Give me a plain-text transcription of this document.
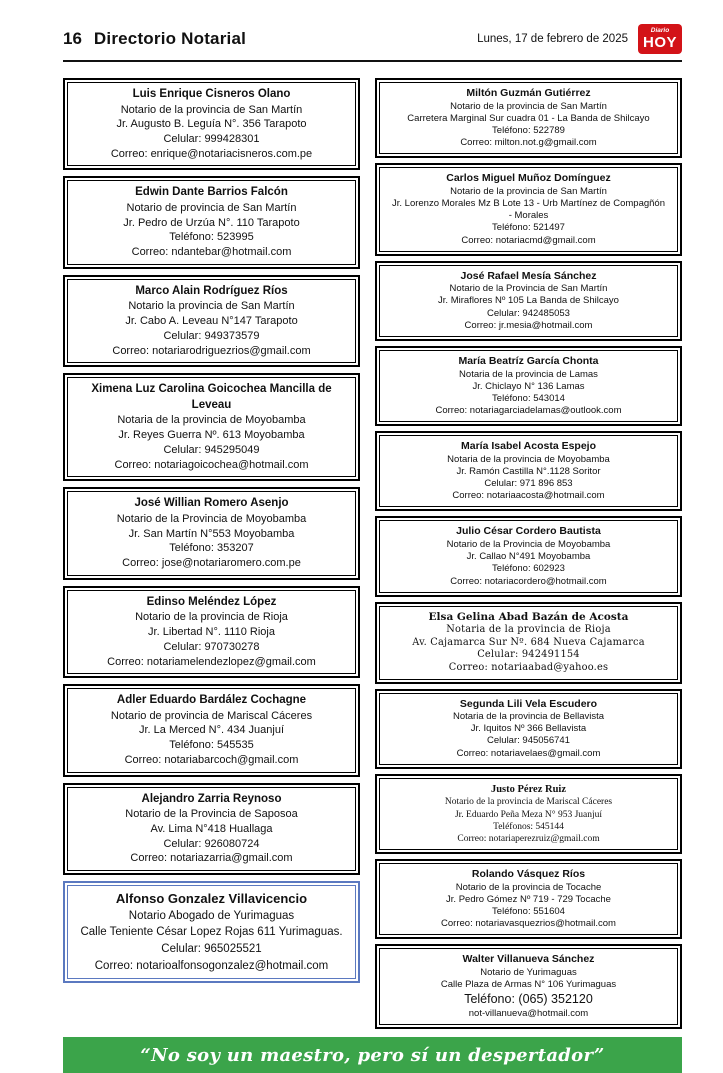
16 Directorio Notarial	Lunes, 17 de febrero de 2025
Diario
HOY
Luis Enrique Cisneros Olano
Notario de la provincia de San Martín
Jr. Augusto B. Leguía N°. 356 Tarapoto
Celular: 999428301
Correo: enrique@notariacisneros.com.pe
Edwin Dante Barrios Falcón
Notario de provincia de San Martín
Jr. Pedro de Urzúa N°. 110 Tarapoto
Teléfono: 523995
Correo: ndantebar@hotmail.com
Marco Alain Rodríguez Ríos
Notario la provincia de San Martín
Jr. Cabo A. Leveau N°147 Tarapoto
Celular: 949373579
Correo: notariarodriguezrios@gmail.com
Ximena Luz Carolina Goicochea Mancilla de Leveau
Notaria de la provincia de Moyobamba
Jr. Reyes Guerra Nº. 613 Moyobamba
Celular: 945295049
Correo: notariagoicochea@hotmail.com
José Willian Romero Asenjo
Notario de la Provincia de Moyobamba
Jr. San Martín N°553 Moyobamba
Teléfono: 353207
Correo: jose@notariaromero.com.pe
Edinso Meléndez López
Notario de la provincia de Rioja
Jr. Libertad N°. 1110 Rioja
Celular: 970730278
Correo: notariamelendezlopez@gmail.com
Adler Eduardo Bardález Cochagne
Notario de provincia de Mariscal Cáceres
Jr. La Merced N°. 434 Juanjuí
Teléfono: 545535
Correo: notariabarcoch@gmail.com
Alejandro Zarria Reynoso
Notario de la Provincia de Saposoa
Av. Lima N°418 Huallaga
Celular: 926080724
Correo: notariazarria@gmail.com
Alfonso Gonzalez Villavicencio
Notario Abogado de Yurimaguas
Calle Teniente César Lopez Rojas 611 Yurimaguas.
Celular: 965025521
Correo: notarioalfonsogonzalez@hotmail.com
Miltón Guzmán Gutiérrez
Notario de la provincia de San Martín
Carretera Marginal Sur cuadra 01 - La Banda de Shilcayo
Teléfono: 522789
Correo: milton.not.g@gmail.com
Carlos Miguel Muñoz Domínguez
Notario de la provincia de San Martín
Jr. Lorenzo Morales Mz B Lote 13 - Urb Martínez de Compagñón
- Morales
Teléfono: 521497
Correo: notariacmd@gmail.com
José Rafael Mesía Sánchez
Notario de la Provincia de San Martín
Jr. Miraflores Nº 105 La Banda de Shilcayo
Celular: 942485053
Correo: jr.mesia@hotmail.com
María Beatríz García Chonta
Notaria de la provincia de Lamas
Jr. Chiclayo N° 136 Lamas
Teléfono: 543014
Correo: notariagarciadelamas@outlook.com
María Isabel Acosta Espejo
Notaria de la provincia de Moyobamba
Jr. Ramón Castilla N°.1128 Soritor
Celular: 971 896 853
Correo: notariaacosta@hotmail.com
Julio César Cordero Bautista
Notario de la Provincia de Moyobamba
Jr. Callao N°491 Moyobamba
Teléfono: 602923
Correo: notariacordero@hotmail.com
Elsa Gelina Abad Bazán de Acosta
Notaria de la provincia de Rioja
Av. Cajamarca Sur Nº. 684 Nueva Cajamarca
Celular: 942491154
Correo: notariaabad@yahoo.es
Segunda Lili Vela Escudero
Notaria de la provincia de Bellavista
Jr. Iquitos Nº 366 Bellavista
Celular: 945056741
Correo: notariavelaes@gmail.com
Justo Pérez Ruiz
Notario de la provincia de Mariscal Cáceres
Jr. Eduardo Peña Meza N° 953 Juanjuí
Teléfonos: 545144
Correo: notariaperezruiz@gmail.com
Rolando Vásquez Ríos
Notario de la provincia de Tocache
Jr. Pedro Gómez Nº 719 - 729 Tocache
Teléfono: 551604
Correo: notariavasquezrios@hotmail.com
Walter Villanueva Sánchez
Notario de Yurimaguas
Calle Plaza de Armas N° 106 Yurimaguas
Teléfono: (065) 352120
not-villanueva@hotmail.com
“No soy un maestro, pero sí un despertador”
